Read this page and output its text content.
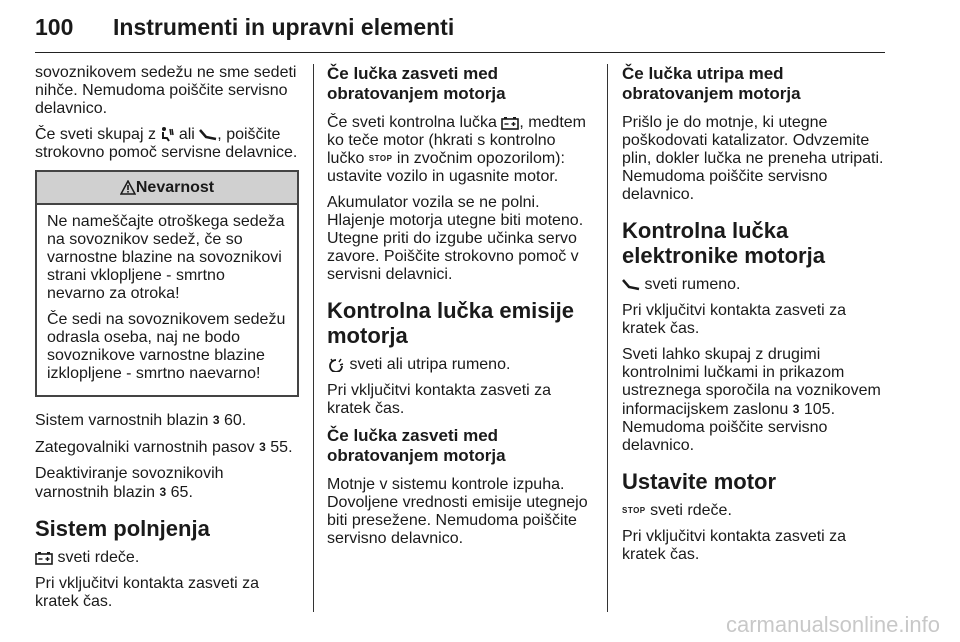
100 Instrumenti in upravni elementi

sovoznikovem sedežu ne sme sedeti nihče. Nemudoma poiščite servisno delavnico.

Če sveti skupaj z  ali , poiščite strokovno pomoč servisne delavnice.

Nevarnost

Ne nameščajte otroškega sedeža na sovoznikov sedež, če so varnostne blazine na sovoznikovi strani vklopljene - smrtno nevarno za otroka!

Če sedi na sovoznikovem sedežu odrasla oseba, naj ne bodo sovoznikove varnostne blazine izklopljene - smrtno naevarno!

Sistem varnostnih blazin 3 60.

Zategovalniki varnostnih pasov 3 55.

Deaktiviranje sovoznikovih varnostnih blazin 3 65.

Sistem polnjenja

sveti rdeče.

Pri vključitvi kontakta zasveti za kratek čas.

Če lučka zasveti med obratovanjem motorja

Če sveti kontrolna lučka , medtem ko teče motor (hkrati s kontrolno lučko STOP in zvočnim opozorilom): ustavite vozilo in ugasnite motor.

Akumulator vozila se ne polni. Hlajenje motorja utegne biti moteno. Utegne priti do izgube učinka servo zavore. Poiščite strokovno pomoč v servisni delavnici.

Kontrolna lučka emisije motorja

sveti ali utripa rumeno.

Pri vključitvi kontakta zasveti za kratek čas.

Če lučka zasveti med obratovanjem motorja

Motnje v sistemu kontrole izpuha. Dovoljene vrednosti emisije utegnejo biti presežene. Nemudoma poiščite servisno delavnico.

Če lučka utripa med obratovanjem motorja

Prišlo je do motnje, ki utegne poškodovati katalizator. Odvzemite plin, dokler lučka ne preneha utripati. Nemudoma poiščite servisno delavnico.

Kontrolna lučka elektronike motorja

sveti rumeno.

Pri vključitvi kontakta zasveti za kratek čas.

Sveti lahko skupaj z drugimi kontrolnimi lučkami in prikazom ustreznega sporočila na voznikovem informacijskem zaslonu 3 105. Nemudoma poiščite servisno delavnico.

Ustavite motor

STOP sveti rdeče.

Pri vključitvi kontakta zasveti za kratek čas.

carmanualsonline.info
